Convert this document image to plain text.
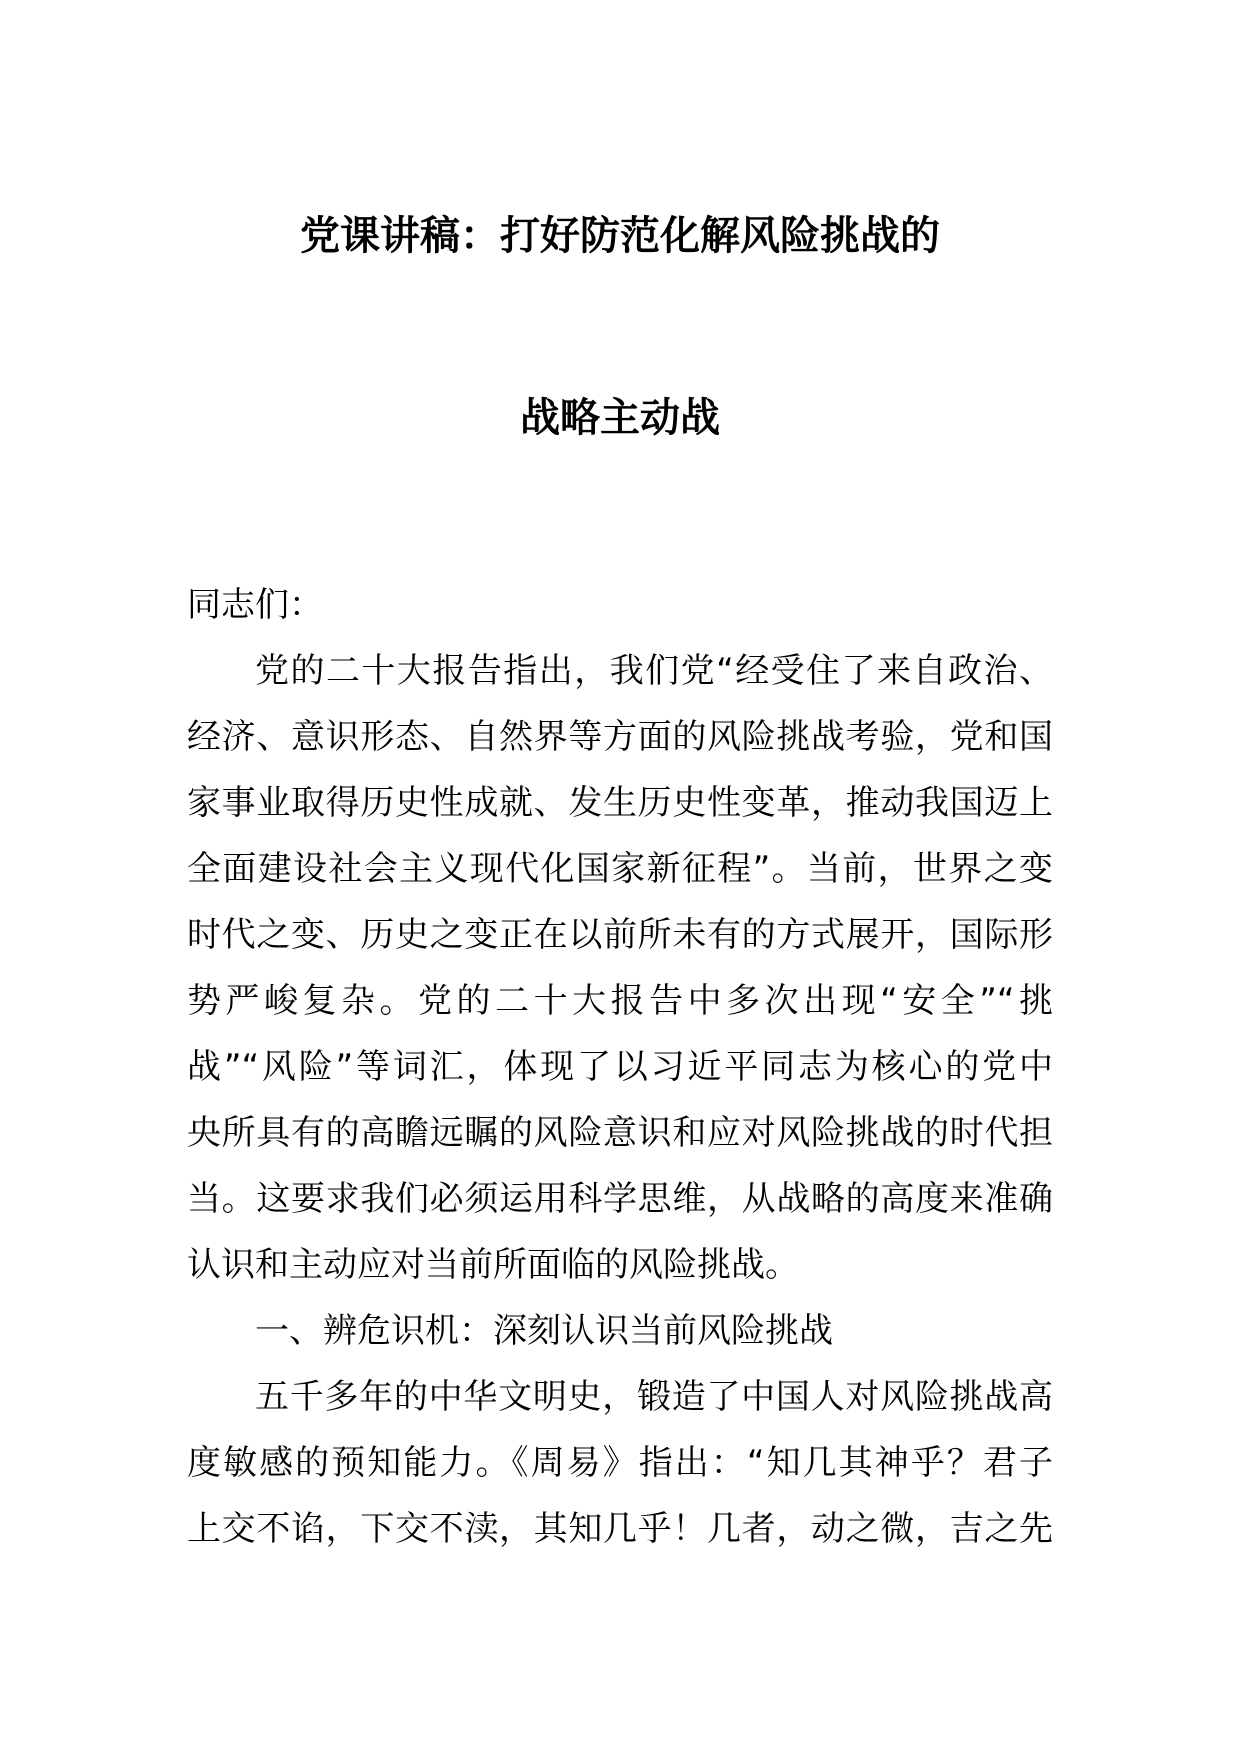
党课讲稿：打好防范化解风险挑战的
战略主动战
同志们：
党的二十大报告指出，我们党“经受住了来自政治、
经济、意识形态、自然界等方面的风险挑战考验，党和国
家事业取得历史性成就、发生历史性变革，推动我国迈上
全面建设社会主义现代化国家新征程”。当前，世界之变
时代之变、历史之变正在以前所未有的方式展开，国际形
势严峻复杂。党的二十大报告中多次出现“安全”“挑
战”“风险”等词汇，体现了以习近平同志为核心的党中
央所具有的高瞻远瞩的风险意识和应对风险挑战的时代担
当。这要求我们必须运用科学思维，从战略的高度来准确
认识和主动应对当前所面临的风险挑战。
一、辨危识机：深刻认识当前风险挑战
五千多年的中华文明史，锻造了中国人对风险挑战高
度敏感的预知能力。《周易》指出：“知几其神乎？君子
上交不谄，下交不渎，其知几乎！几者，动之微，吉之先
